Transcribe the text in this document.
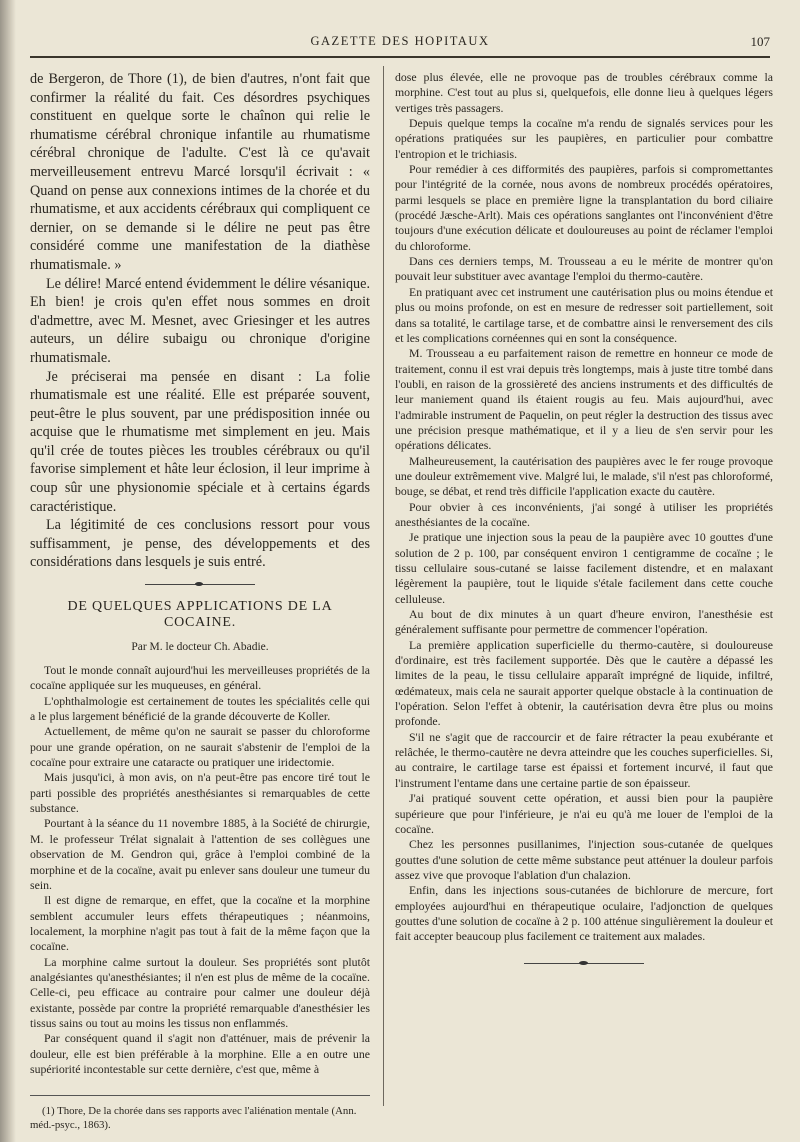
GAZETTE DES HOPITAUX	107

de Bergeron, de Thore (1), de bien d'autres, n'ont fait que confirmer la réalité du fait. Ces désordres psychiques constituent en quelque sorte le chaînon qui relie le rhumatisme cérébral chronique infantile au rhumatisme cérébral chronique de l'adulte. C'est là ce qu'avait merveilleusement entrevu Marcé lorsqu'il écrivait : « Quand on pense aux connexions intimes de la chorée et du rhumatisme, et aux accidents cérébraux qui compliquent ce dernier, on se demande si le délire ne peut pas être considéré comme une manifestation de la diathèse rhumatismale. »

Le délire! Marcé entend évidemment le délire vésanique. Eh bien! je crois qu'en effet nous sommes en droit d'admettre, avec M. Mesnet, avec Griesinger et les autres auteurs, un délire subaigu ou chronique d'origine rhumatismale.

Je préciserai ma pensée en disant : La folie rhumatismale est une réalité. Elle est préparée souvent, peut-être le plus souvent, par une prédisposition innée ou acquise que le rhumatisme met simplement en jeu. Mais qu'il crée de toutes pièces les troubles cérébraux ou qu'il favorise simplement et hâte leur éclosion, il leur imprime à coup sûr une physionomie spéciale et à certains égards caractéristique.

La légitimité de ces conclusions ressort pour vous suffisamment, je pense, des développements et des considérations dans lesquels je suis entré.

DE QUELQUES APPLICATIONS DE LA COCAINE.
Par M. le docteur Ch. Abadie.

Tout le monde connaît aujourd'hui les merveilleuses propriétés de la cocaïne appliquée sur les muqueuses, en général.

L'ophthalmologie est certainement de toutes les spécialités celle qui a le plus largement bénéficié de la grande découverte de Koller.

Actuellement, de même qu'on ne saurait se passer du chloroforme pour une grande opération, on ne saurait s'abstenir de l'emploi de la cocaïne pour extraire une cataracte ou pratiquer une iridectomie.

Mais jusqu'ici, à mon avis, on n'a peut-être pas encore tiré tout le parti possible des propriétés anesthésiantes si remarquables de cette substance.

Pourtant à la séance du 11 novembre 1885, à la Société de chirurgie, M. le professeur Trélat signalait à l'attention de ses collègues une observation de M. Gendron qui, grâce à l'emploi combiné de la morphine et de la cocaïne, avait pu enlever sans douleur une tumeur du sein.

Il est digne de remarque, en effet, que la cocaïne et la morphine semblent accumuler leurs effets thérapeutiques ; néanmoins, localement, la morphine n'agit pas tout à fait de la même façon que la cocaïne.

La morphine calme surtout la douleur. Ses propriétés sont plutôt analgésiantes qu'anesthésiantes; il n'en est plus de même de la cocaïne. Celle-ci, peu efficace au contraire pour calmer une douleur déjà existante, possède par contre la propriété remarquable d'anesthésier les tissus sains ou tout au moins les tissus non enflammés.

Par conséquent quand il s'agit non d'atténuer, mais de prévenir la douleur, elle est bien préférable à la morphine. Elle a en outre une supériorité incontestable sur cette dernière, c'est que, même à

(1) Thore, De la chorée dans ses rapports avec l'aliénation mentale (Ann. méd.-psyc., 1863).

dose plus élevée, elle ne provoque pas de troubles cérébraux comme la morphine. C'est tout au plus si, quelquefois, elle donne lieu à quelques légers vertiges très passagers.

Depuis quelque temps la cocaïne m'a rendu de signalés services pour les opérations pratiquées sur les paupières, en particulier pour combattre l'entropion et le trichiasis.

Pour remédier à ces difformités des paupières, parfois si compromettantes pour l'intégrité de la cornée, nous avons de nombreux procédés opératoires, parmi lesquels se place en première ligne la transplantation du bord ciliaire (procédé Jæsche-Arlt). Mais ces opérations sanglantes ont l'inconvénient d'être toujours d'une exécution délicate et douloureuses au point de réclamer l'emploi du chloroforme.

Dans ces derniers temps, M. Trousseau a eu le mérite de montrer qu'on pouvait leur substituer avec avantage l'emploi du thermo-cautère.

En pratiquant avec cet instrument une cautérisation plus ou moins étendue et plus ou moins profonde, on est en mesure de redresser soit partiellement, soit dans sa totalité, le cartilage tarse, et de combattre ainsi le renversement des cils et les complications cornéennes qui en sont la conséquence.

M. Trousseau a eu parfaitement raison de remettre en honneur ce mode de traitement, connu il est vrai depuis très longtemps, mais à juste titre tombé dans l'oubli, en raison de la grossièreté des anciens instruments et des difficultés de leur maniement quand ils étaient rougis au feu. Mais aujourd'hui, avec l'admirable instrument de Paquelin, on peut régler la destruction des tissus avec une précision presque mathématique, et il y a lieu de s'en servir pour les opérations délicates.

Malheureusement, la cautérisation des paupières avec le fer rouge provoque une douleur extrêmement vive. Malgré lui, le malade, s'il n'est pas chloroformé, bouge, se débat, et rend très difficile l'application exacte du cautère.

Pour obvier à ces inconvénients, j'ai songé à utiliser les propriétés anesthésiantes de la cocaïne.

Je pratique une injection sous la peau de la paupière avec 10 gouttes d'une solution de 2 p. 100, par conséquent environ 1 centigramme de cocaïne ; le tissu cellulaire sous-cutané se laisse facilement distendre, et en malaxant légèrement la paupière, tout le liquide s'étale facilement dans cette couche celluleuse.

Au bout de dix minutes à un quart d'heure environ, l'anesthésie est généralement suffisante pour permettre de commencer l'opération.

La première application superficielle du thermo-cautère, si douloureuse d'ordinaire, est très facilement supportée. Dès que le cautère a dépassé les limites de la peau, le tissu cellulaire apparaît imprégné de liquide, infiltré, œdémateux, mais cela ne saurait apporter quelque obstacle à la continuation de l'opération. Selon l'effet à obtenir, la cautérisation devra être plus ou moins profonde.

S'il ne s'agit que de raccourcir et de faire rétracter la peau exubérante et relâchée, le thermo-cautère ne devra atteindre que les couches superficielles. Si, au contraire, le cartilage tarse est épaissi et fortement incurvé, il faut que l'instrument l'entame dans une certaine partie de son épaisseur.

J'ai pratiqué souvent cette opération, et aussi bien pour la paupière supérieure que pour l'inférieure, je n'ai eu qu'à me louer de l'emploi de la cocaïne.

Chez les personnes pusillanimes, l'injection sous-cutanée de quelques gouttes d'une solution de cette même substance peut atténuer la douleur parfois assez vive que provoque l'ablation d'un chalazion.

Enfin, dans les injections sous-cutanées de bichlorure de mercure, fort employées aujourd'hui en thérapeutique oculaire, l'adjonction de quelques gouttes d'une solution de cocaïne à 2 p. 100 atténue singulièrement la douleur et fait accepter beaucoup plus facilement ce traitement aux malades.
